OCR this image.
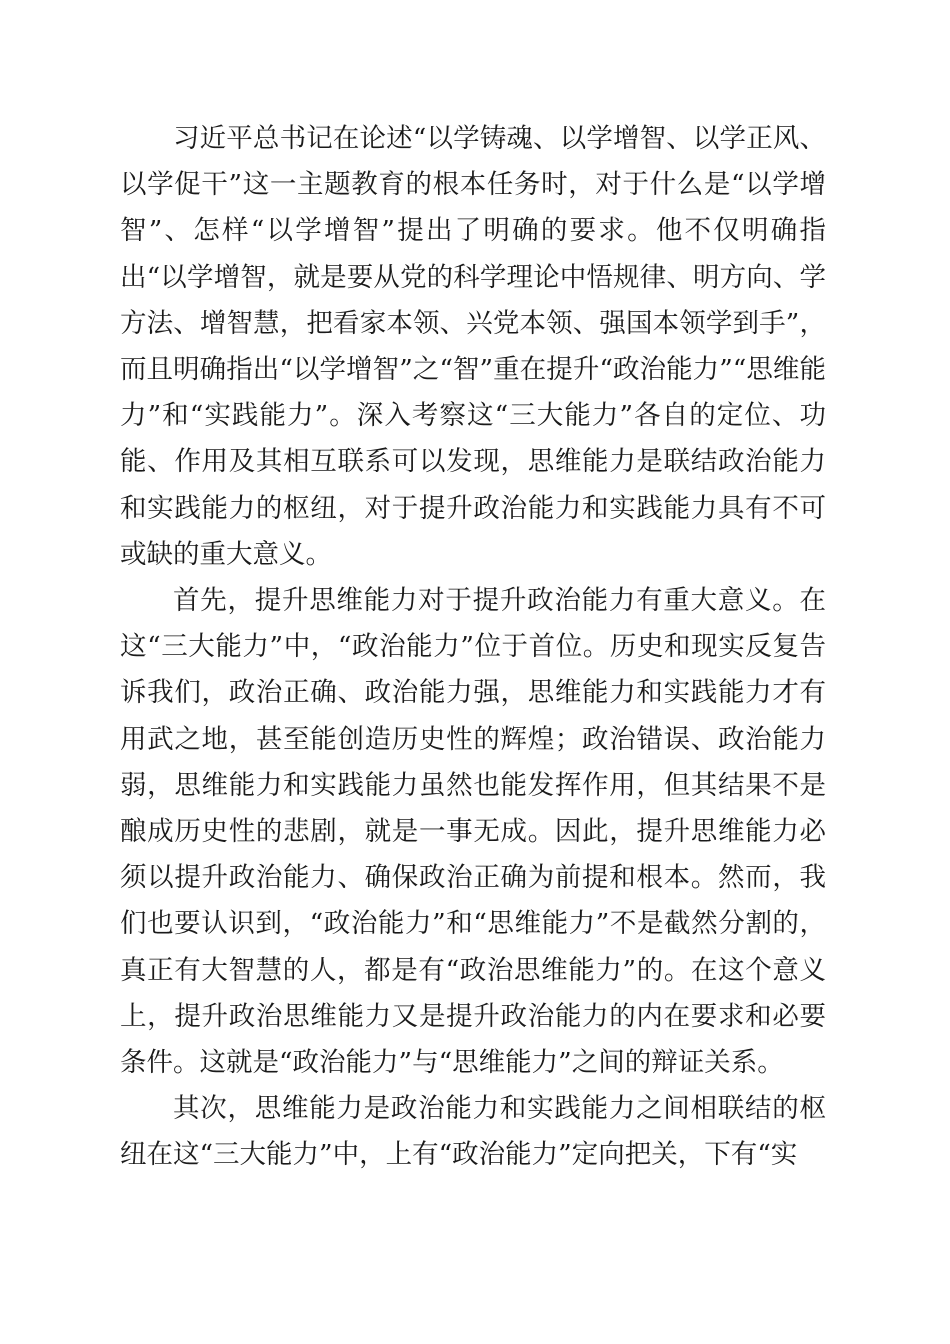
习近平总书记在论述“以学铸魂、以学增智、以学正风、以学促干”这一主题教育的根本任务时，对于什么是“以学增智”、怎样“以学增智”提出了明确的要求。他不仅明确指出“以学增智，就是要从党的科学理论中悟规律、明方向、学方法、增智慧，把看家本领、兴党本领、强国本领学到手”，而且明确指出“以学增智”之“智”重在提升“政治能力”“思维能力”和“实践能力”。深入考察这“三大能力”各自的定位、功能、作用及其相互联系可以发现，思维能力是联结政治能力和实践能力的枢纽，对于提升政治能力和实践能力具有不可或缺的重大意义。

首先，提升思维能力对于提升政治能力有重大意义。在这“三大能力”中，“政治能力”位于首位。历史和现实反复告诉我们，政治正确、政治能力强，思维能力和实践能力才有用武之地，甚至能创造历史性的辉煌；政治错误、政治能力弱，思维能力和实践能力虽然也能发挥作用，但其结果不是酿成历史性的悲剧，就是一事无成。因此，提升思维能力必须以提升政治能力、确保政治正确为前提和根本。然而，我们也要认识到，“政治能力”和“思维能力”不是截然分割的，真正有大智慧的人，都是有“政治思维能力”的。在这个意义上，提升政治思维能力又是提升政治能力的内在要求和必要条件。这就是“政治能力”与“思维能力”之间的辩证关系。

其次，思维能力是政治能力和实践能力之间相联结的枢纽在这“三大能力”中，上有“政治能力”定向把关，下有“实
